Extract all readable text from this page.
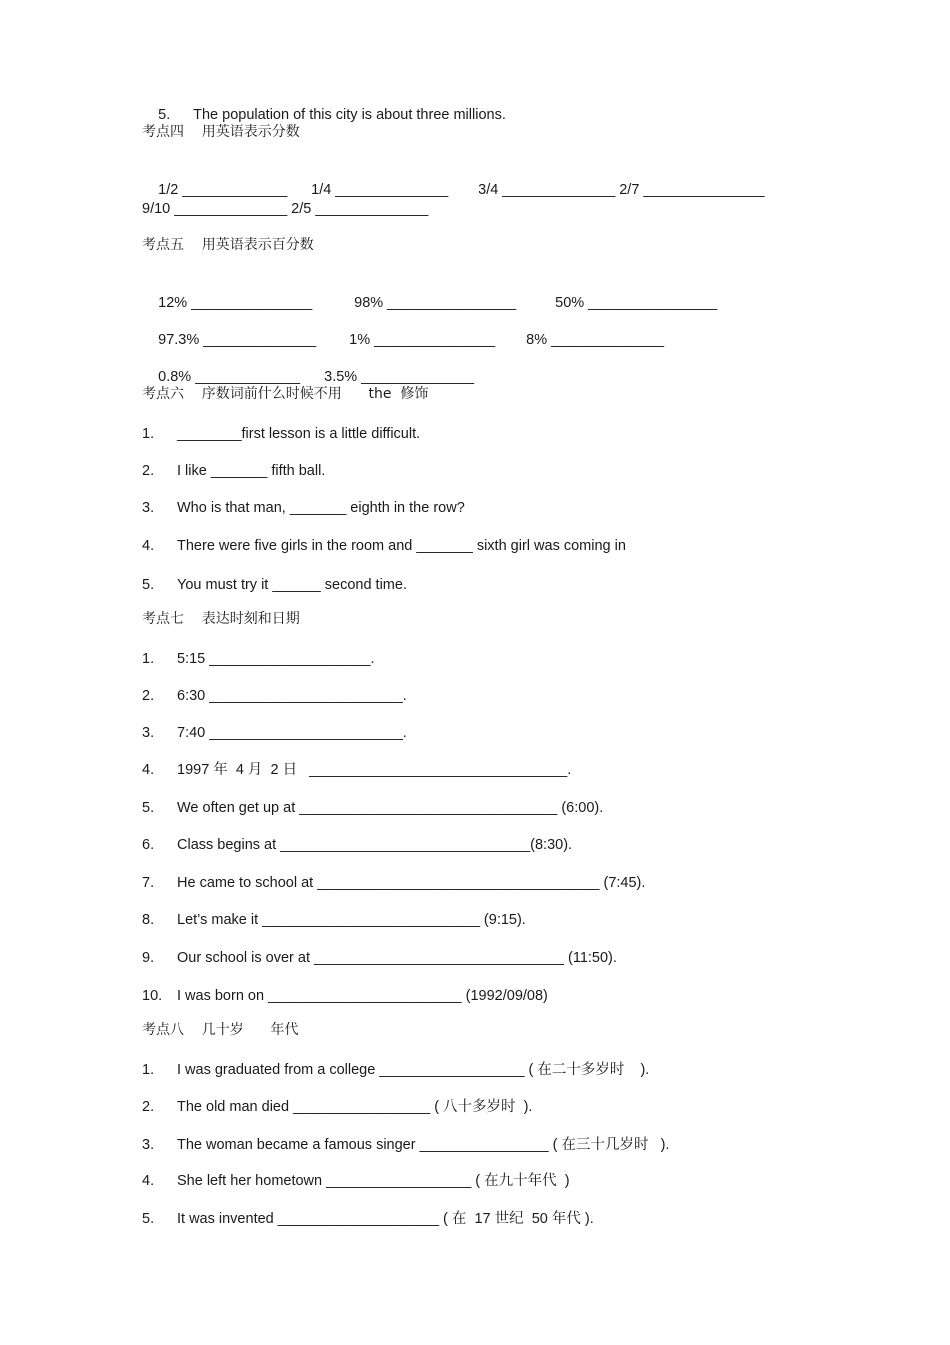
5. The population of this city is about three millions.

考点四    用英语表示分数

1/2 _____________ 1/4 ______________ 3/4 ______________ 2/7 _______________

9/10 ______________ 2/5 ______________
考点五    用英语表示百分数

12% _______________	98% ________________	50% ________________

97.3% ______________ 1% _______________ 8% ______________

0.8% _____________ 3.5% ______________

考点六    序数词前什么时候不用      the  修饰
1. ________first lesson is a little difficult.
2. I like _______ fifth ball.
3. Who is that man, _______ eighth in the row?
4. There were five girls in the room and _______ sixth girl was coming in
5. You must try it ______ second time.
考点七    表达时刻和日期
1. 5:15 ____________________.
2. 6:30 ________________________.
3. 7:40 ________________________.
4. 1997 年  4 月  2 日   ________________________________.
5. We often get up at ________________________________ (6:00).
6. Class begins at _______________________________(8:30).
7. He came to school at ___________________________________ (7:45).
8. Let’s make it ___________________________ (9:15).
9. Our school is over at _______________________________ (11:50).
10. I was born on ________________________ (1992/09/08)
考点八    几十岁      年代
1. I was graduated from a college __________________ ( 在二十多岁时    ).
2. The old man died _________________ ( 八十多岁时  ).
3. The woman became a famous singer ________________ ( 在三十几岁时   ).
4. She left her hometown __________________ ( 在九十年代  )
5. It was invented ____________________ ( 在  17 世纪  50 年代 ).
